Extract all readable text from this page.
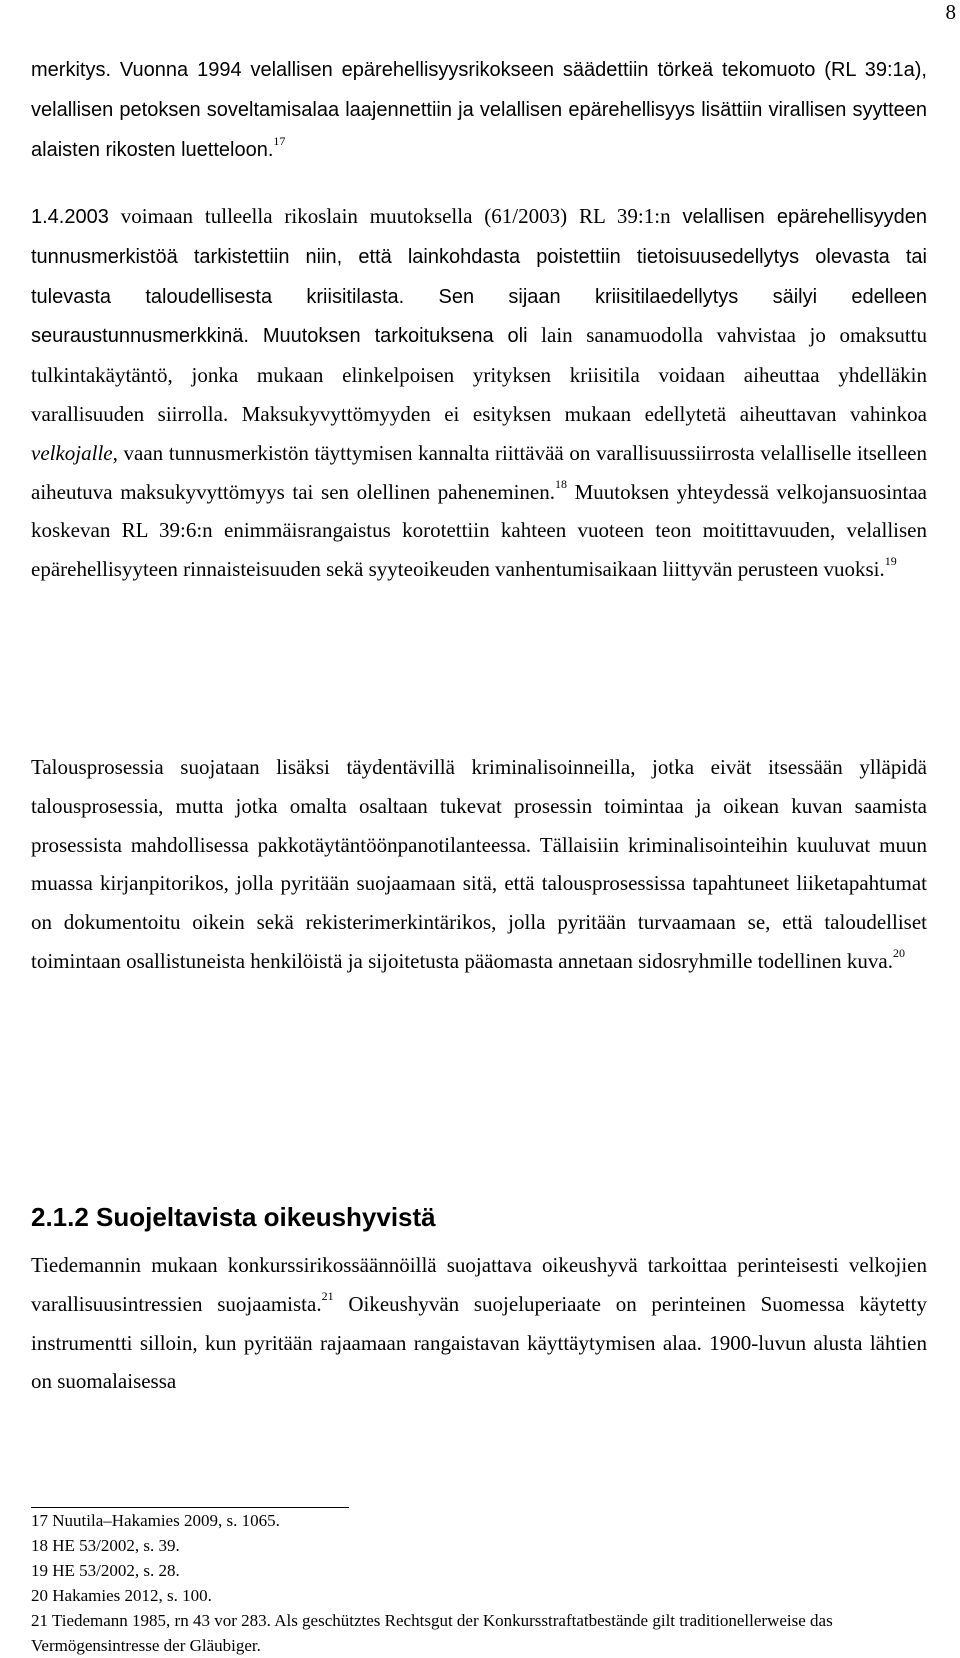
8

merkitys. Vuonna 1994 velallisen epärehellisyysrikokseen säädettiin törkeä tekomuoto (RL 39:1a), velallisen petoksen soveltamisalaa laajennettiin ja velallisen epärehellisyys lisättiin virallisen syytteen alaisten rikosten luetteloon.$^{17}$

1.4.2003 voimaan tulleella rikoslain muutoksella (61/2003) RL 39:1:n velallisen epärehellisyyden tunnusmerkistöä tarkistettiin niin, että lainkohdasta poistettiin tietoisuusedellytys olevasta tai tulevasta taloudellisesta kriisitilasta. Sen sijaan kriisitilaedellytys säilyi edelleen seuraustunnusmerkkinä. Muutoksen tarkoituksena oli lain sanamuodolla vahvistaa jo omaksuttu tulkintakäytäntö, jonka mukaan elinkelpoisen yrityksen kriisitila voidaan aiheuttaa yhdelläkin varallisuuden siirrolla. Maksukyvyttömyyden ei esityksen mukaan edellytetä aiheuttavan vahinkoa velkojalle, vaan tunnusmerkistön täyttymisen kannalta riittävää on varallisuussiirrosta velalliselle itselleen aiheutuva maksukyvyttömyys tai sen olellinen paheneminen.$^{18}$ Muutoksen yhteydessä velkojansuosintaa koskevan RL 39:6:n enimmäisrangaistus korotettiin kahteen vuoteen teon moitittavuuden, velallisen epärehellisyyteen rinnaisteisuuden sekä syyteoikeuden vanhentumisaikaan liittyvän perusteen vuoksi.$^{19}$

Talousprosessia suojataan lisäksi täydentävillä kriminalisoinneilla, jotka eivät itsessään ylläpidä talousprosessia, mutta jotka omalta osaltaan tukevat prosessin toimintaa ja oikean kuvan saamista prosessista mahdollisessa pakkotäytäntöönpanotilanteessa. Tällaisiin kriminalisointeihin kuuluvat muun muassa kirjanpitorikos, jolla pyritään suojaamaan sitä, että talousprosessissa tapahtuneet liiketapahtumat on dokumentoitu oikein sekä rekisterimerkintärikos, jolla pyritään turvaamaan se, että taloudelliset toimintaan osallistuneista henkilöistä ja sijoitetusta pääomasta annetaan sidosryhmille todellinen kuva.$^{20}$

2.1.2 Suojeltavista oikeushyvistä

Tiedemannin mukaan konkurssirikossäännöillä suojattava oikeushyvä tarkoittaa perinteisesti velkojien varallisuusintressien suojaamista.$^{21}$ Oikeushyvän suojeluperiaate on perinteinen Suomessa käytetty instrumentti silloin, kun pyritään rajaamaan rangaistavan käyttäytymisen alaa. 1900-luvun alusta lähtien on suomalaisessa

17 Nuutila–Hakamies 2009, s. 1065.
18 HE 53/2002, s. 39.
19 HE 53/2002, s. 28.
20 Hakamies 2012, s. 100.
21 Tiedemann 1985, rn 43 vor 283. Als geschütztes Rechtsgut der Konkursstraftatbestände gilt traditionellerweise das Vermögensintresse der Gläubiger.
